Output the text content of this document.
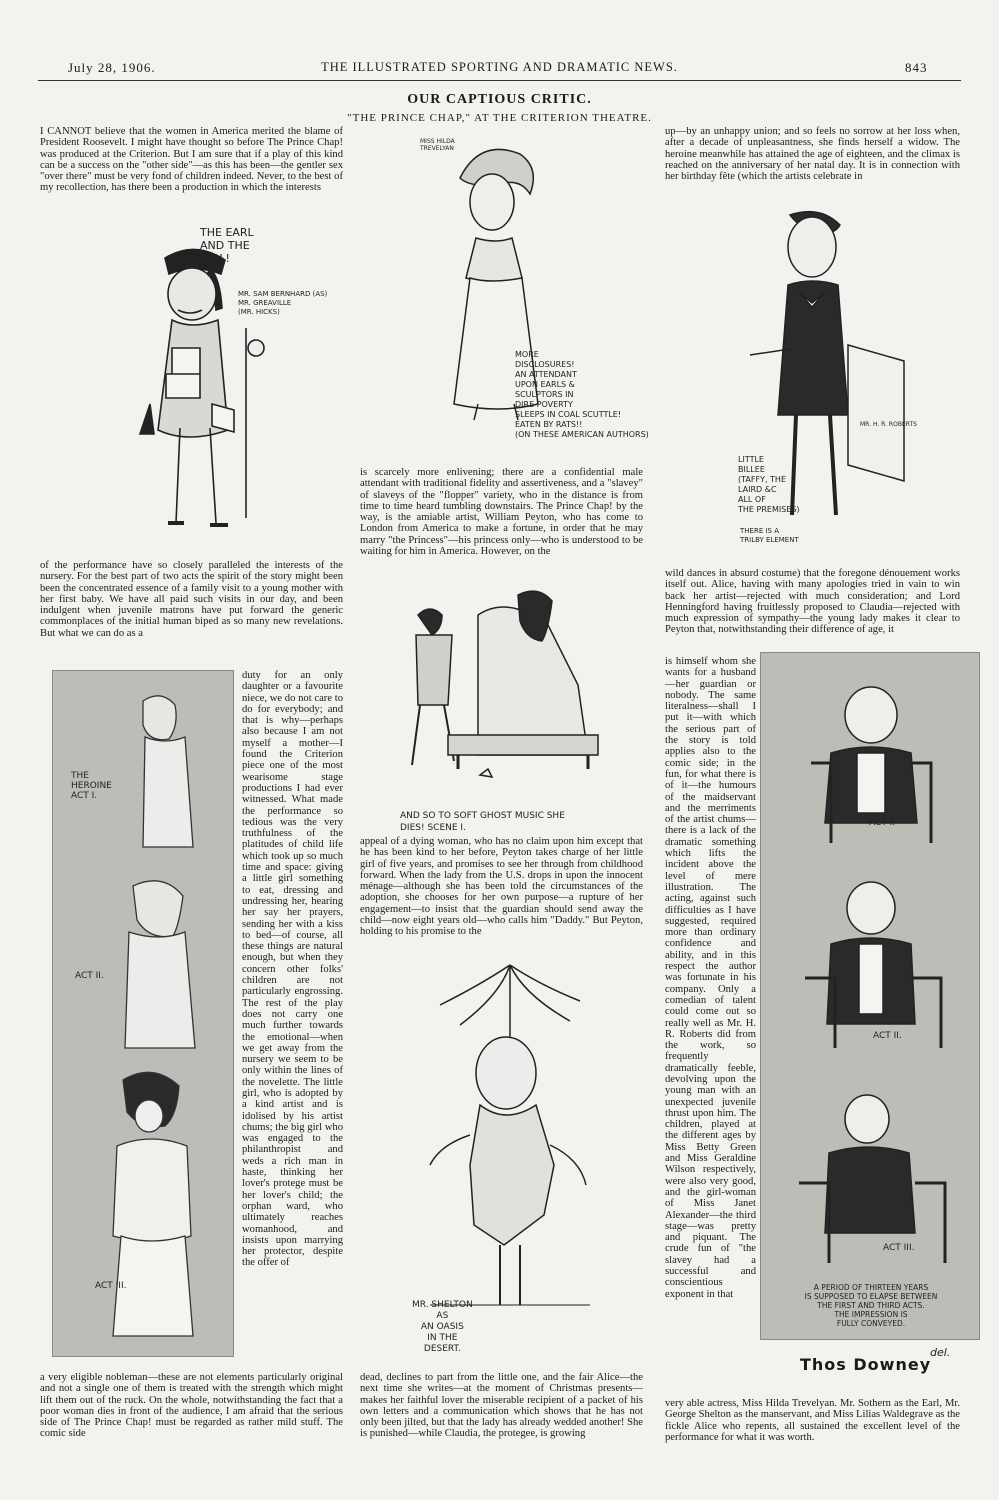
July 28, 1906.	THE ILLUSTRATED SPORTING AND DRAMATIC NEWS.	843
OUR CAPTIOUS CRITIC.
"THE PRINCE CHAP," AT THE CRITERION THEATRE.

I CANNOT believe that the women in America merited the blame of President Roosevelt. I might have thought so before The Prince Chap! was produced at the Criterion. But I am sure that if a play of this kind can be a success on the "other side"—as this has been—the gentler sex "over there" must be very fond of children indeed. Never, to the best of my recollection, has there been a production in which the interests

THE EARL
AND THE
GIRL!
MR. SAM BERNHARD (AS)
MR. GREAVILLE
(MR. HICKS)

of the performance have so closely paralleled the interests of the nursery. For the best part of two acts the spirit of the story might been been the concentrated essence of a family visit to a young mother with her first baby. We have all paid such visits in our day, and been indulgent when juvenile matrons have put forward the generic commonplaces of the initial human biped as so many new revelations. But what we can do as a

THE
HEROINE
ACT I.
ACT II.
ACT III.

duty for an only daughter or a favourite niece, we do not care to do for everybody; and that is why—perhaps also because I am not myself a mother—I found the Criterion piece one of the most wearisome stage productions I had ever witnessed. What made the performance so tedious was the very truthfulness of the platitudes of child life which took up so much time and space: giving a little girl something to eat, dressing and undressing her, hearing her say her prayers, sending her with a kiss to bed—of course, all these things are natural enough, but when they concern other folks' children are not particularly engrossing. The rest of the play does not carry one much further towards the emotional—when we get away from the nursery we seem to be only within the lines of the novelette. The little girl, who is adopted by a kind artist and is idolised by his artist chums; the big girl who was engaged to the philanthropist and weds a rich man in haste, thinking her lover's protege must be her lover's child; the orphan ward, who ultimately reaches womanhood, and insists upon marrying her protector, despite the offer of

a very eligible nobleman—these are not elements particularly original and not a single one of them is treated with the strength which might lift them out of the ruck. On the whole, notwithstanding the fact that a poor woman dies in front of the audience, I am afraid that the serious side of The Prince Chap! must be regarded as rather mild stuff. The comic side

MISS HILDA
TREVELYAN
MORE
DISCLOSURES!
AN ATTENDANT
UPON EARLS &
SCULPTORS IN
DIRE POVERTY
SLEEPS IN COAL SCUTTLE!
EATEN BY RATS!!
(ON THESE AMERICAN AUTHORS)

is scarcely more enlivening; there are a confidential male attendant with traditional fidelity and assertiveness, and a "slavey" of slaveys of the "flopper" variety, who in the distance is from time to time heard tumbling downstairs. The Prince Chap! by the way, is the amiable artist, William Peyton, who has come to London from America to make a fortune, in order that he may marry "the Princess"—his princess only—who is understood to be waiting for him in America. However, on the

AND SO TO SOFT GHOST MUSIC SHE
DIES! SCENE I.

appeal of a dying woman, who has no claim upon him except that he has been kind to her before, Peyton takes charge of her little girl of five years, and promises to see her through from childhood forward. When the lady from the U.S. drops in upon the innocent ménage—although she has been told the circumstances of the adoption, she chooses for her own purpose—a rupture of her engagement—to insist that the guardian should send away the child—now eight years old—who calls him "Daddy." But Peyton, holding to his promise to the

MR. SHELTON
AS
AN OASIS
IN THE
DESERT.

dead, declines to part from the little one, and the fair Alice—the next time she writes—at the moment of Christmas presents—makes her faithful lover the miserable recipient of a packet of his own letters and a communication which shows that he has not only been jilted, but that the lady has already wedded another! She is punished—while Claudia, the protegee, is growing

up—by an unhappy union; and so feels no sorrow at her loss when, after a decade of unpleasantness, she finds herself a widow. The heroine meanwhile has attained the age of eighteen, and the climax is reached on the anniversary of her natal day. It is in connection with her birthday fête (which the artists celebrate in

MR. H. R. ROBERTS
LITTLE
BILLEE
(TAFFY, THE
LAIRD &C
ALL OF
THE PREMISES)
THERE IS A
TRILBY ELEMENT

wild dances in absurd costume) that the foregone dénouement works itself out. Alice, having with many apologies tried in vain to win back her artist—rejected with much consideration; and Lord Henningford having fruitlessly proposed to Claudia—rejected with much expression of sympathy—the young lady makes it clear to Peyton that, notwithstanding their difference of age, it

is himself whom she wants for a husband—her guardian or nobody. The same literalness—shall I put it—with which the serious part of the story is told applies also to the comic side; in the fun, for what there is of it—the humours of the maidservant and the merriments of the artist chums—there is a lack of the dramatic something which lifts the incident above the level of mere illustration. The acting, against such difficulties as I have suggested, required more than ordinary confidence and ability, and in this respect the author was fortunate in his company. Only a comedian of talent could come out so really well as Mr. H. R. Roberts did from the work, so frequently dramatically feeble, devolving upon the young man with an unexpected juvenile thrust upon him. The children, played at the different ages by Miss Betty Green and Miss Geraldine Wilson respectively, were also very good, and the girl-woman of Miss Janet Alexander—the third stage—was pretty and piquant. The crude fun of "the slavey had a successful and conscientious exponent in that

ACT I.
ACT II.
ACT III.
A PERIOD OF THIRTEEN YEARS
IS SUPPOSED TO ELAPSE BETWEEN
THE FIRST AND THIRD ACTS.
THE IMPRESSION IS
FULLY CONVEYED.
Thos Downey
del.

very able actress, Miss Hilda Trevelyan. Mr. Sothern as the Earl, Mr. George Shelton as the manservant, and Miss Lilias Waldegrave as the fickle Alice who repents, all sustained the excellent level of the performance for what it was worth.
